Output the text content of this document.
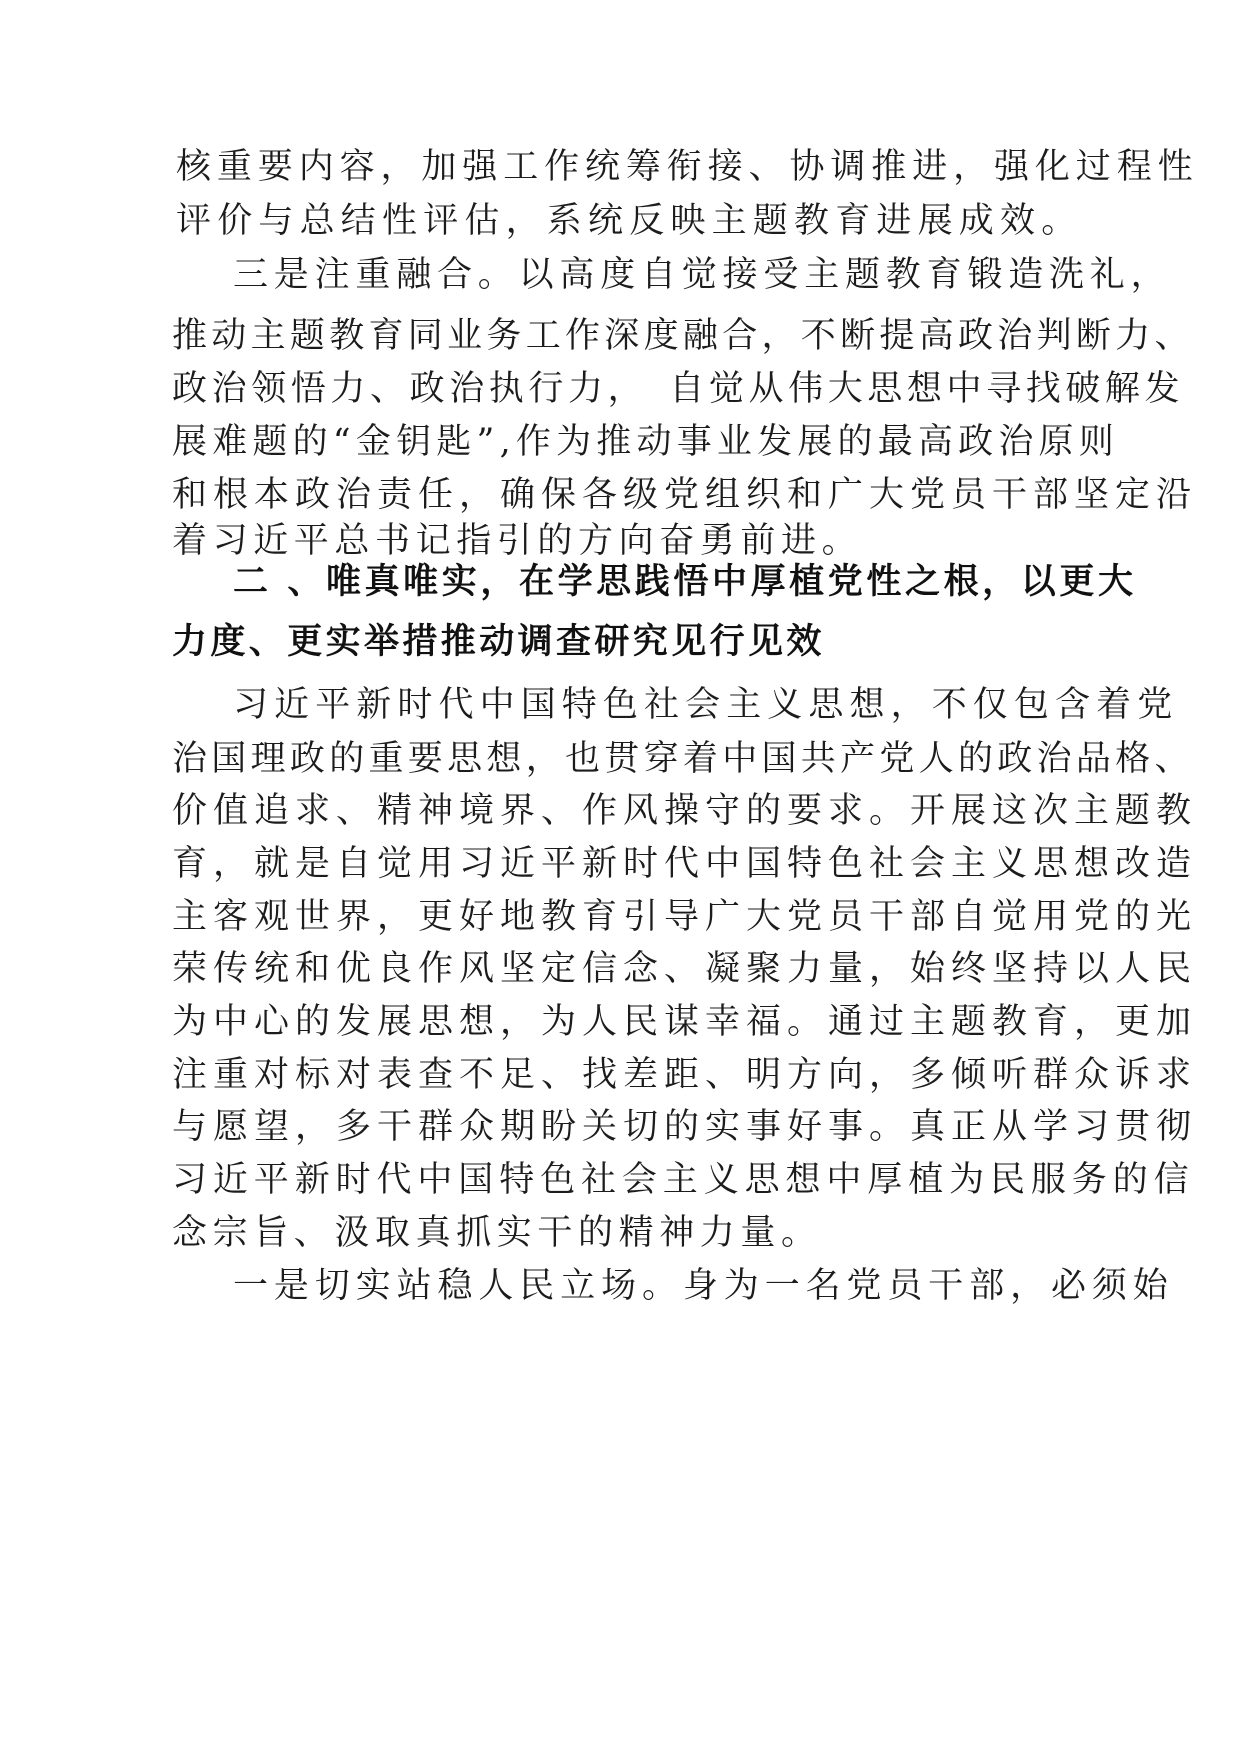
核重要内容，加强工作统筹衔接、协调推进，强化过程性
评价与总结性评估，系统反映主题教育进展成效。
三是注重融合。以高度自觉接受主题教育锻造洗礼，
推动主题教育同业务工作深度融合，不断提高政治判断力、
政治领悟力、政治执行力，　自觉从伟大思想中寻找破解发
展难题的“金钥匙”,作为推动事业发展的最高政治原则
和根本政治责任，确保各级党组织和广大党员干部坚定沿
着习近平总书记指引的方向奋勇前进。
二 、唯真唯实，在学思践悟中厚植党性之根，以更大
力度、更实举措推动调查研究见行见效
习近平新时代中国特色社会主义思想，不仅包含着党
治国理政的重要思想，也贯穿着中国共产党人的政治品格、
价值追求、精神境界、作风操守的要求。开展这次主题教
育，就是自觉用习近平新时代中国特色社会主义思想改造
主客观世界，更好地教育引导广大党员干部自觉用党的光
荣传统和优良作风坚定信念、凝聚力量，始终坚持以人民
为中心的发展思想，为人民谋幸福。通过主题教育，更加
注重对标对表查不足、找差距、明方向，多倾听群众诉求
与愿望，多干群众期盼关切的实事好事。真正从学习贯彻
习近平新时代中国特色社会主义思想中厚植为民服务的信
念宗旨、汲取真抓实干的精神力量。
一是切实站稳人民立场。身为一名党员干部，必须始
